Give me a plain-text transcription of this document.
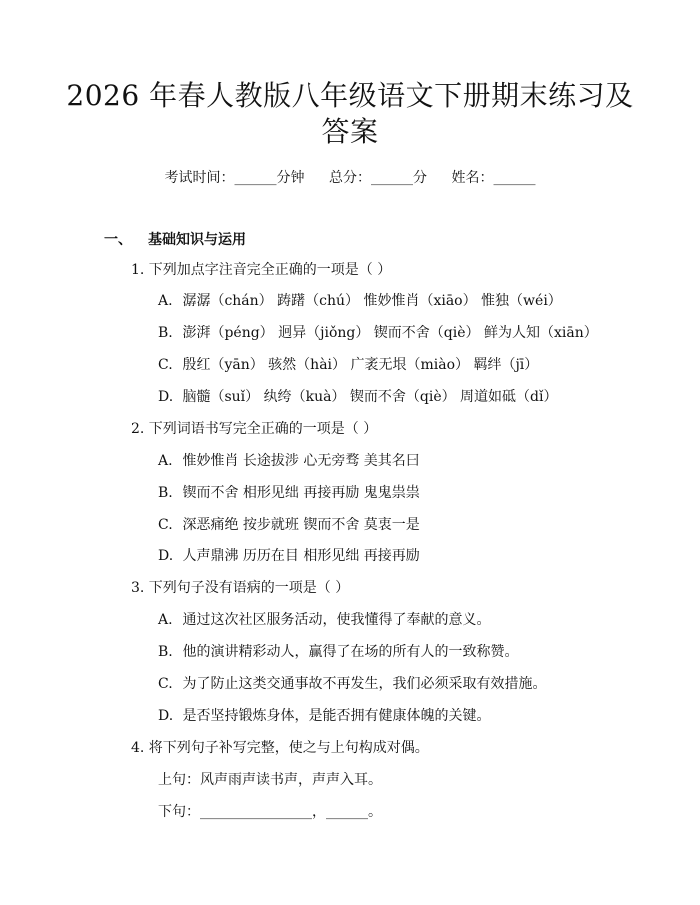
2026 年春人教版八年级语文下册期末练习及
答案
考试时间：______分钟 总分：______分 姓名：______
一、 基础知识与运用
1. 下列加点字注音完全正确的一项是（ ）
A. 潺潺（chán） 踌躇（chú） 惟妙惟肖（xiāo） 惟独（wéi）
B. 澎湃（péng） 迥异（jiǒng） 锲而不舍（qiè） 鲜为人知（xiān）
C. 殷红（yān） 骇然（hài） 广袤无垠（miào） 羁绊（jī）
D. 脑髓（suǐ） 纨绔（kuà） 锲而不舍（qiè） 周道如砥（dǐ）
2. 下列词语书写完全正确的一项是（ ）
A. 惟妙惟肖 长途拔涉 心无旁骛 美其名曰
B. 锲而不舍 相形见绌 再接再励 鬼鬼祟祟
C. 深恶痛绝 按步就班 锲而不舍 莫衷一是
D. 人声鼎沸 历历在目 相形见绌 再接再励
3. 下列句子没有语病的一项是（ ）
A. 通过这次社区服务活动，使我懂得了奉献的意义。
B. 他的演讲精彩动人，赢得了在场的所有人的一致称赞。
C. 为了防止这类交通事故不再发生，我们必须采取有效措施。
D. 是否坚持锻炼身体，是能否拥有健康体魄的关键。
4. 将下列句子补写完整，使之与上句构成对偶。
上句：风声雨声读书声，声声入耳。
下句：________________，______。
